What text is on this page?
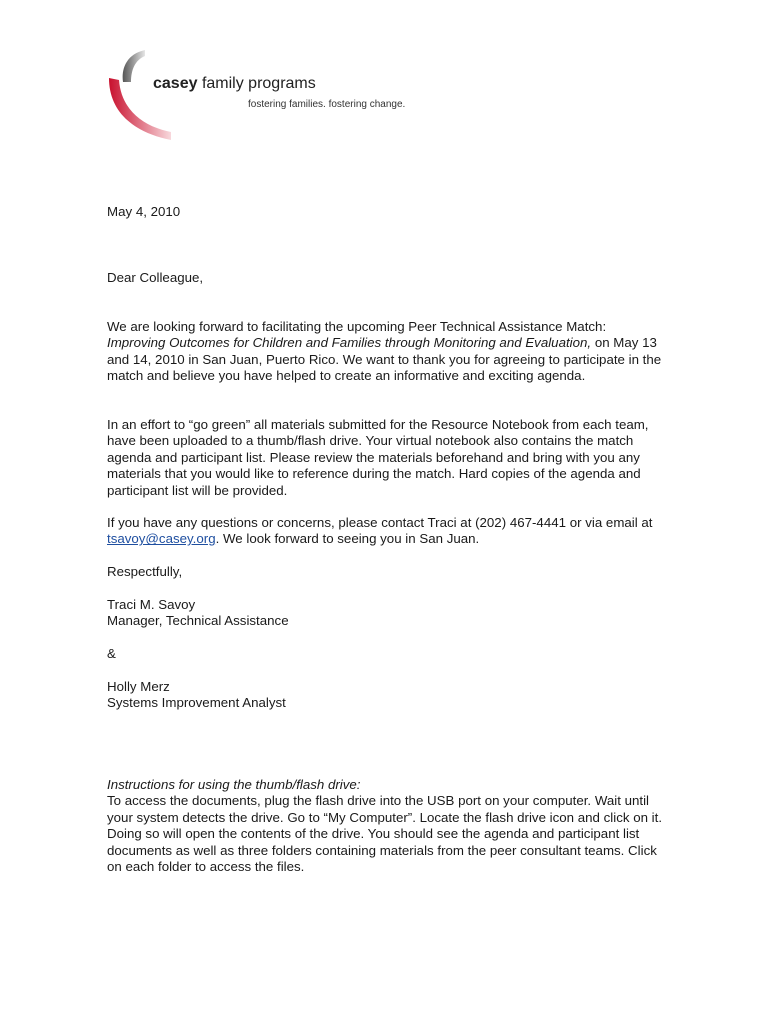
casey family programs
fostering families. fostering change.
May 4, 2010
Dear Colleague,
We are looking forward to facilitating the upcoming Peer Technical Assistance Match: Improving Outcomes for Children and Families through Monitoring and Evaluation, on May 13 and 14, 2010 in San Juan, Puerto Rico. We want to thank you for agreeing to participate in the match and believe you have helped to create an informative and exciting agenda.
In an effort to “go green” all materials submitted for the Resource Notebook from each team, have been uploaded to a thumb/flash drive. Your virtual notebook also contains the match agenda and participant list. Please review the materials beforehand and bring with you any materials that you would like to reference during the match. Hard copies of the agenda and participant list will be provided.
If you have any questions or concerns, please contact Traci at (202) 467-4441 or via email at tsavoy@casey.org. We look forward to seeing you in San Juan.
Respectfully,

Traci M. Savoy

Manager, Technical Assistance

&

Holly Merz

Systems Improvement Analyst

Instructions for using the thumb/flash drive:

To access the documents, plug the flash drive into the USB port on your computer. Wait until your system detects the drive. Go to “My Computer”. Locate the flash drive icon and click on it. Doing so will open the contents of the drive. You should see the agenda and participant list documents as well as three folders containing materials from the peer consultant teams. Click on each folder to access the files.
